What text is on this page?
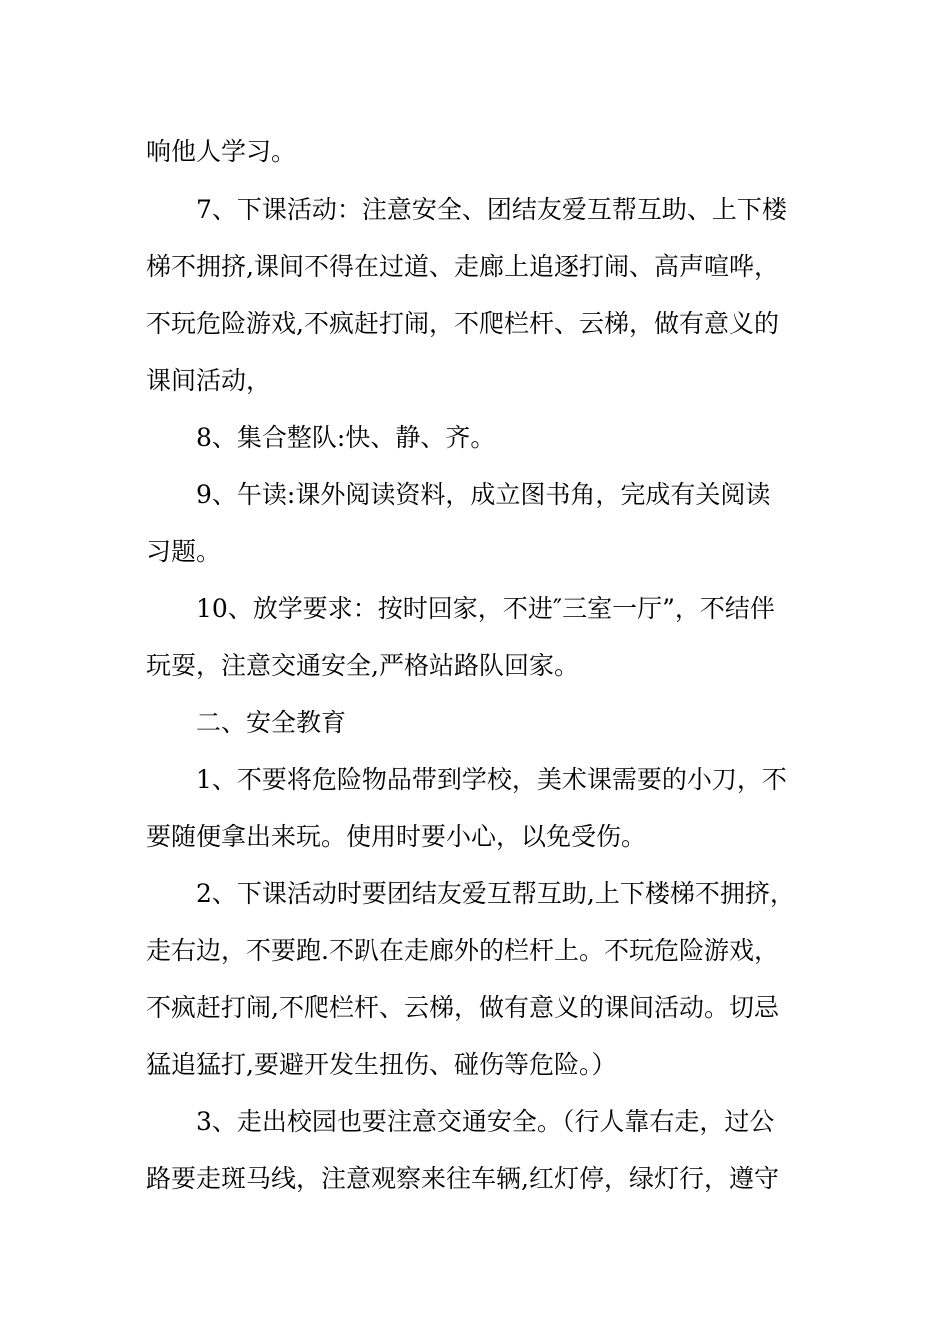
响他人学习。
7、下课活动：注意安全、团结友爱互帮互助、上下楼
梯不拥挤,课间不得在过道、走廊上追逐打闹、高声喧哗，
不玩危险游戏,不疯赶打闹，不爬栏杆、云梯，做有意义的
课间活动，
8、集合整队:快、静、齐。
9、午读:课外阅读资料，成立图书角，完成有关阅读
习题。
10、放学要求：按时回家，不进″三室一厅”，不结伴
玩耍，注意交通安全,严格站路队回家。
二、安全教育
1、不要将危险物品带到学校，美术课需要的小刀，不
要随便拿出来玩。使用时要小心，以免受伤。
2、下课活动时要团结友爱互帮互助,上下楼梯不拥挤，
走右边，不要跑.不趴在走廊外的栏杆上。不玩危险游戏，
不疯赶打闹,不爬栏杆、云梯，做有意义的课间活动。切忌
猛追猛打,要避开发生扭伤、碰伤等危险。）
3、走出校园也要注意交通安全。（行人靠右走，过公
路要走斑马线，注意观察来往车辆,红灯停，绿灯行，遵守
